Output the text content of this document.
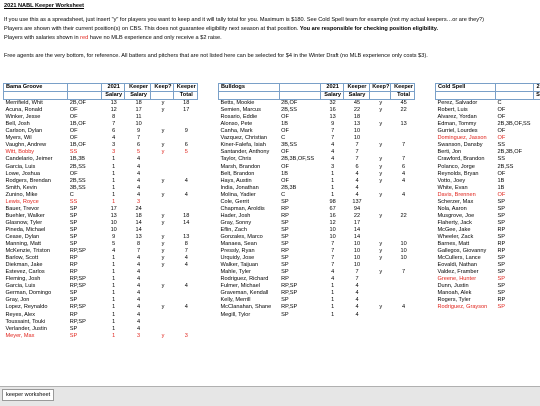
2021 NABL Keeper Worksheet
If you use this as a spreadsheet, just insert "y" for players you want to keep and it will tally total for you. Maximum is $180. See Cold Spell team for example (not my actual keepers…or are they?)
Players are shown with their current position(s) on CBS. This does not guarantee eligibility next season at that position. You are responsible for checking position eligibility.
Players with salaries shown in red have no MLB experience and only receive a $2 raise.
Free agents are the very bottom, for reference. All batters and pitchers that are not listed here can be selected for $4 in the Winter Draft (no MLB experience only costs $3).
Bama Groove		2021	Keeper	Keep?	Keeper
		Salary	Salary		Total
Merrifield, Whit	2B,OF	13	18	y	18
Acuna, Ronald	OF	12	17	y	17
Winker, Jesse	OF	8	11		
Bell, Josh	1B,OF	7	10		
Carlson, Dylan	OF	6	9	y	9
Myers, Wil	OF	4	7		
Vaughn, Andrew	1B,OF	3	6	y	6
Witt, Bobby	SS	3	5	y	5
Candelario, Jeimer	1B,3B	1	4		
Garcia, Luis	2B,SS	1	4		
Lowe, Joshua	OF	1	4		
Rodgers, Brendan	2B,SS	1	4	y	4
Smith, Kevin	3B,SS	1	4		
Zunino, Mike	C	1	4	y	4
Lewis, Royce	SS	1	3		
Bauer, Trevor	SP	17	24		
Buehler, Walker	SP	13	18	y	18
Glasnow, Tyler	SP	10	14	y	14
Pineda, Michael	SP	10	14		
Cease, Dylan	SP	9	13	y	13
Manning, Matt	SP	5	8	y	8
McKenzie, Triston	RP,SP	4	7	y	7
Barlow, Scott	RP	1	4	y	4
Diekman, Jake	RP	1	4	y	4
Estevez, Carlos	RP	1	4		
Fleming, Josh	RP,SP	1	4		
Garcia, Luis	RP,SP	1	4	y	4
German, Domingo	SP	1	4		
Gray, Jon	SP	1	4		
Lopez, Reynaldo	RP,SP	1	4	y	4
Reyes, Alex	RP	1	4		
Toussaint, Touki	RP,SP	1	4		
Verlander, Justin	SP	1	4		
Meyer, Max	SP	1	3	y	3
Bulldogs		2021	Keeper	Keep?	Keeper
		Salary	Salary		Total
Betts, Mookie	2B,OF	32	45	y	45
Semien, Marcus	2B,SS	16	22	y	22
Rosario, Eddie	OF	13	18		
Alonso, Pete	1B	9	13	y	13
Canha, Mark	OF	7	10		
Vazquez, Christian	C	7	10		
Kiner-Falefa, Isiah	3B,SS	4	7	y	7
Santander, Anthony	OF	4	7		
Taylor, Chris	2B,3B,OF,SS	4	7	y	7
Marsh, Brandon	OF	3	6	y	6
Belt, Brandon	1B	1	4	y	4
Hays, Austin	OF	1	4	y	4
India, Jonathan	2B,3B	1	4		
Molina, Yadier	C	1	4	y	4
Cole, Gerrit	SP	98	137		
Chapman, Aroldis	RP	67	94		
Hader, Josh	RP	16	22	y	22
Gray, Sonny	SP	12	17		
Eflin, Zach	SP	10	14		
Gonzales, Marco	SP	10	14		
Manaea, Sean	SP	7	10	y	10
Pressly, Ryan	RP	7	10	y	10
Urquidy, Jose	SP	7	10	y	10
Walker, Taijuan	SP	7	10		
Mahle, Tyler	SP	4	7	y	7
Rodriguez, Richard	RP	4	7		
Fulmer, Michael	RP,SP	1	4		
Graveman, Kendall	RP,SP	1	4		
Kelly, Merrill	SP	1	4		
McClanahan, Shane	RP,SP	1	4	y	4
Megill, Tylor	SP	1	4		
Cold Spell		2
		S
Perez, Salvador	C	
Robert, Luis	OF	
Alvarez, Yordan	OF	
Edman, Tommy	2B,3B,OF,SS	
Gurriel, Lourdes	OF	
Dominguez, Jasson	OF	
Swanson, Dansby	SS	
Berti, Jon	2B,3B,OF	
Crawford, Brandon	SS	
Polanco, Jorge	2B,SS	
Reynolds, Bryan	OF	
Votto, Joey	1B	
White, Evan	1B	
Davis, Brennen	OF	
Scherzer, Max	SP	
Nola, Aaron	SP	
Musgrove, Joe	SP	
Flaherty, Jack	SP	
McGee, Jake	RP	
Wheeler, Zack	SP	
Barnes, Matt	RP	
Gallegos, Giovanny	RP	
McCullers, Lance	SP	
Eovaldi, Nathan	SP	
Valdez, Framber	SP	
Greene, Hunter	SP	
Dunn, Justin	SP	
Manoah, Alek	SP	
Rogers, Tyler	RP	
Rodriguez, Grayson	SP	
keeper worksheet
